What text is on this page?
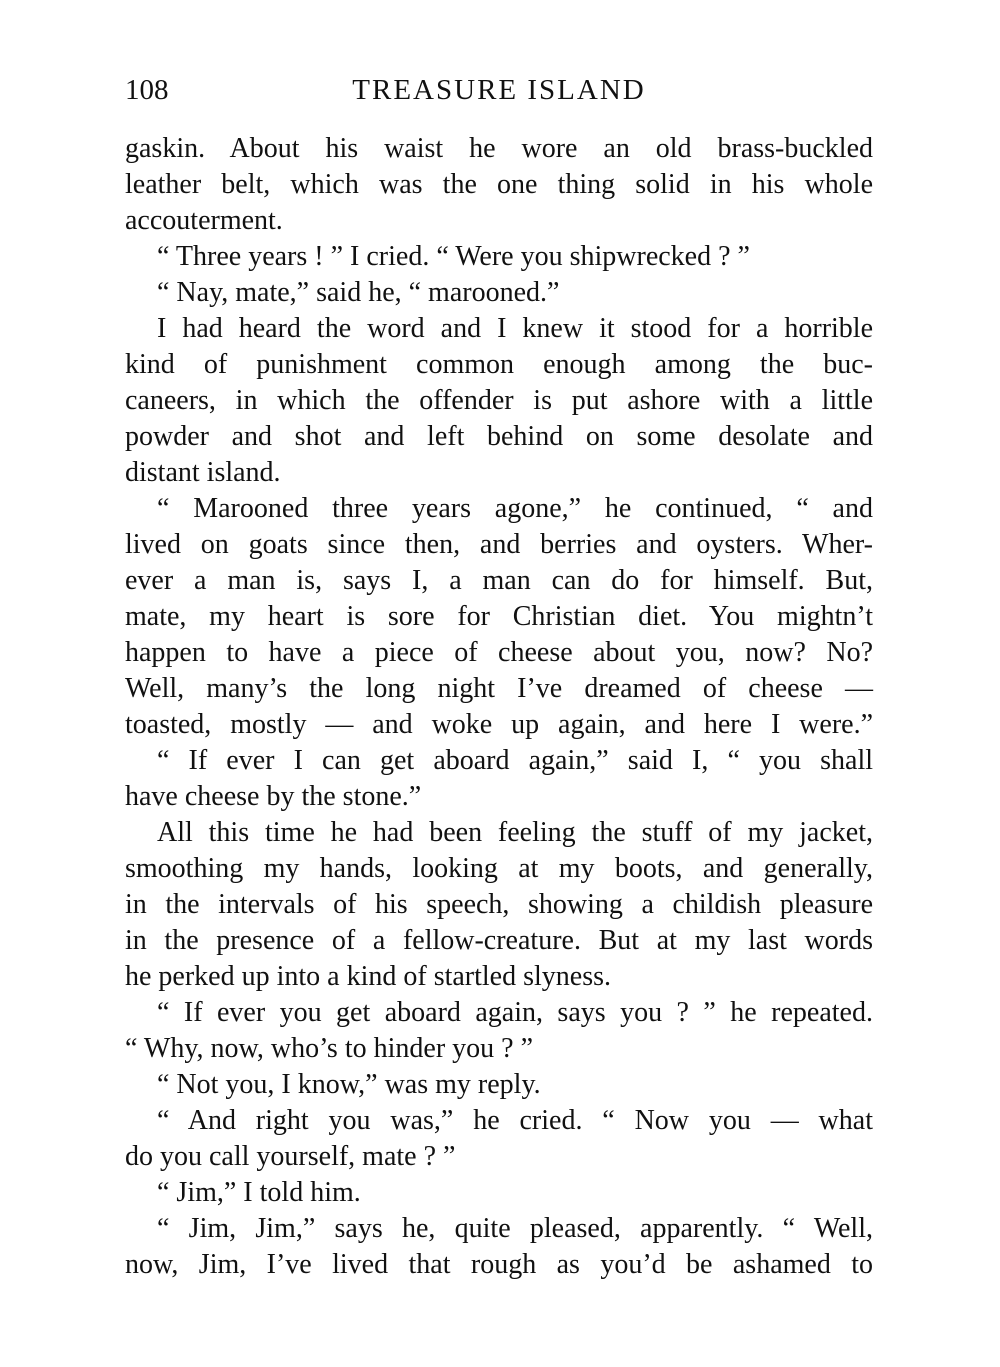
108	TREASURE ISLAND
gaskin. About his waist he wore an old brass-buckled
leather belt, which was the one thing solid in his whole
accouterment.
“ Three years ! ” I cried. “ Were you shipwrecked ? ”
“ Nay, mate,” said he, “ marooned.”
I had heard the word and I knew it stood for a horrible
kind of punishment common enough among the buc-
caneers, in which the offender is put ashore with a little
powder and shot and left behind on some desolate and
distant island.
“ Marooned three years agone,” he continued, “ and
lived on goats since then, and berries and oysters. Wher-
ever a man is, says I, a man can do for himself. But,
mate, my heart is sore for Christian diet. You mightn’t
happen to have a piece of cheese about you, now? No?
Well, many’s the long night I’ve dreamed of cheese —
toasted, mostly — and woke up again, and here I were.”
“ If ever I can get aboard again,” said I, “ you shall
have cheese by the stone.”
All this time he had been feeling the stuff of my jacket,
smoothing my hands, looking at my boots, and generally,
in the intervals of his speech, showing a childish pleasure
in the presence of a fellow-creature. But at my last words
he perked up into a kind of startled slyness.
“ If ever you get aboard again, says you ? ” he repeated.
“ Why, now, who’s to hinder you ? ”
“ Not you, I know,” was my reply.
“ And right you was,” he cried. “ Now you — what
do you call yourself, mate ? ”
“ Jim,” I told him.
“ Jim, Jim,” says he, quite pleased, apparently. “ Well,
now, Jim, I’ve lived that rough as you’d be ashamed to
